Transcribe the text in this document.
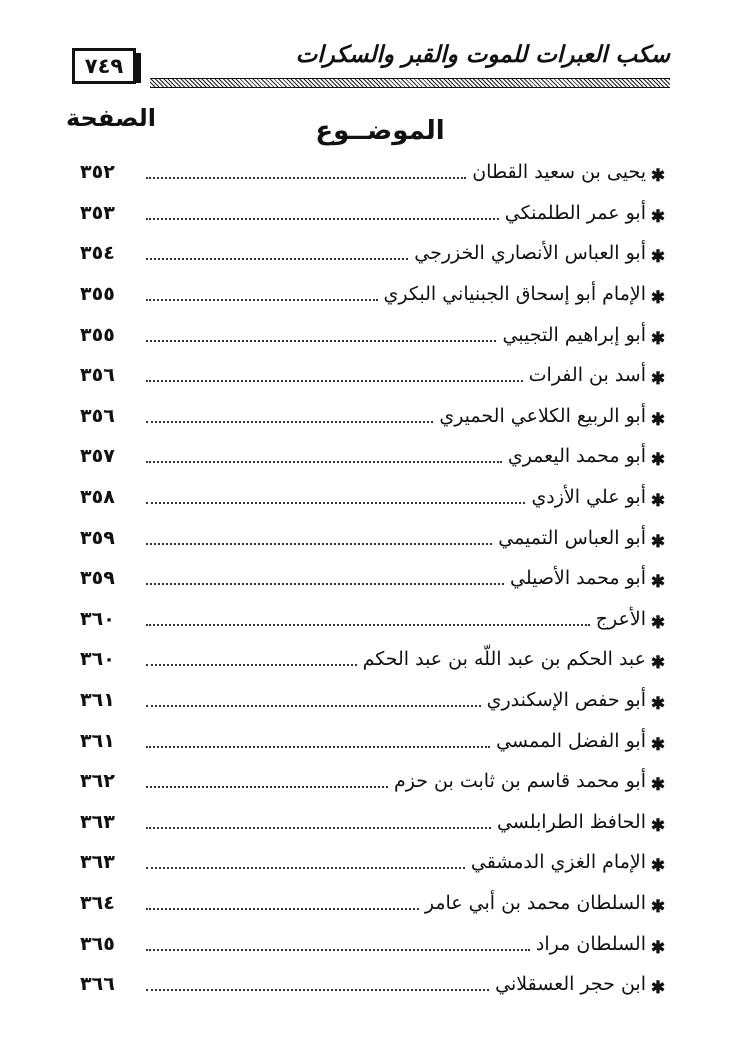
٧٤٩	سكب العبرات للموت والقبر والسكرات
الصفحة	الموضــوع
✱
يحيى بن سعيد القطان
٣٥٢
✱
أبو عمر الطلمنكي
٣٥٣
✱
أبو العباس الأنصاري الخزرجي
٣٥٤
✱
الإمام أبو إسحاق الجبنياني البكري
٣٥٥
✱
أبو إبراهيم التجيبي
٣٥٥
✱
أسد بن الفرات
٣٥٦
✱
أبو الربيع الكلاعي الحميري
٣٥٦
✱
أبو محمد اليعمري
٣٥٧
✱
أبو علي الأزدي
٣٥٨
✱
أبو العباس التميمي
٣٥٩
✱
أبو محمد الأصيلي
٣٥٩
✱
الأعرج
٣٦٠
✱
عبد الحكم بن عبد اللّه بن عبد الحكم
٣٦٠
✱
أبو حفص الإسكندري
٣٦١
✱
أبو الفضل الممسي
٣٦١
✱
أبو محمد قاسم بن ثابت بن حزم
٣٦٢
✱
الحافظ الطرابلسي
٣٦٣
✱
الإمام الغزي الدمشقي
٣٦٣
✱
السلطان محمد بن أبي عامر
٣٦٤
✱
السلطان مراد
٣٦٥
✱
ابن حجر العسقلاني
٣٦٦
